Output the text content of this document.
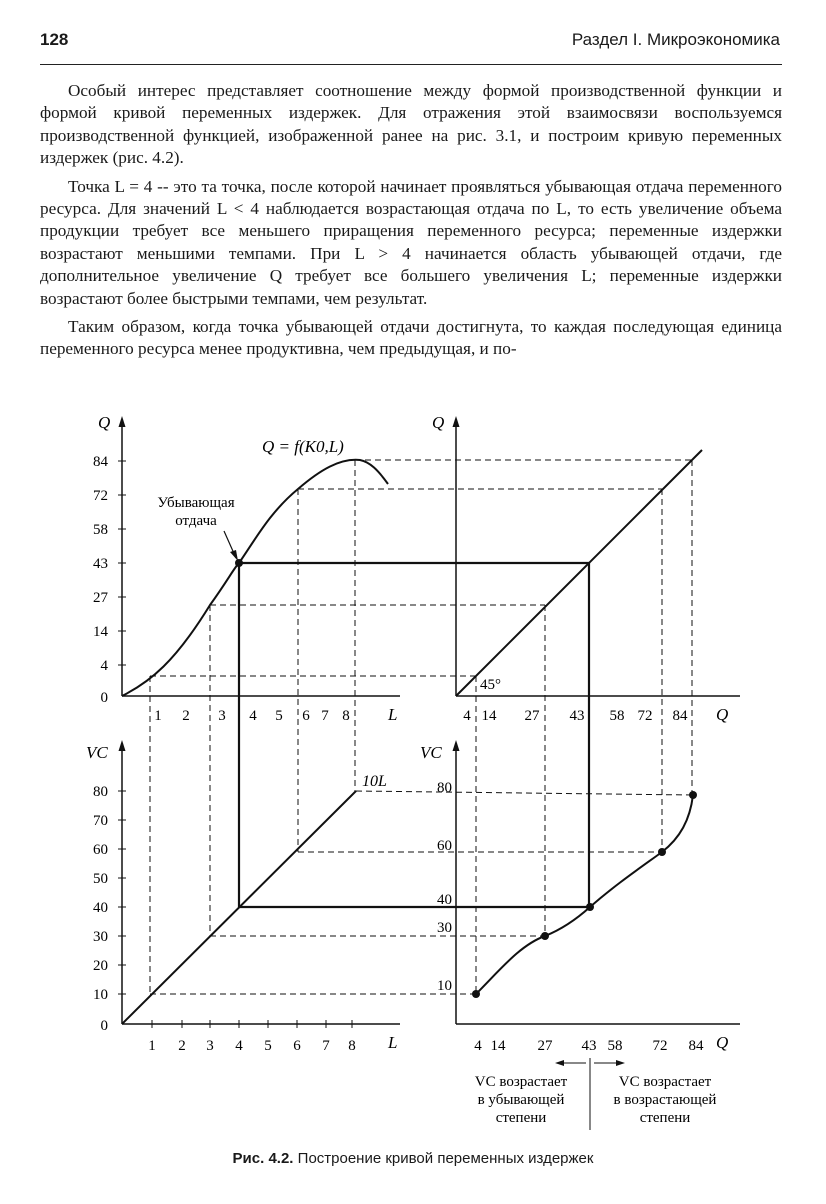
128	Раздел I. Микроэкономика

Особый интерес представляет соотношение между формой производственной функции и формой кривой переменных издержек. Для отражения этой взаимосвязи воспользуемся производственной функцией, изображенной ранее на рис. 3.1, и построим кривую переменных издержек (рис. 4.2).

Точка L = 4 -- это та точка, после которой начинает проявляться убывающая отдача переменного ресурса. Для значений L < 4 наблюдается возрастающая отдача по L, то есть увеличение объема продукции требует все меньшего приращения переменного ресурса; переменные издержки возрастают меньшими темпами. При L > 4 начинается область убывающей отдачи, где дополнительное увеличение Q требует все большего увеличения L; переменные издержки возрастают более быстрыми темпами, чем результат.

Таким образом, когда точка убывающей отдачи достигнута, то каждая последующая единица переменного ресурса менее продуктивна, чем предыдущая, и по-

Q
L
84
72
58
43
27
14
4
0
1 2 3 4 5 6 7 8
Q = f(K0,L)
Убывающая
отдача
Q
Q
45°
4 14 27 43 58 72 84
VC
L
80
70
60
50
40
30
20
10
0
1 2 3 4 5 6 7 8
10L
VC
Q
80
60
40
30
10
4 14 27 43 58 72 84
VC возрастает
в убывающей
степени
VC возрастает
в возрастающей
степени
Рис. 4.2. Построение кривой переменных издержек
